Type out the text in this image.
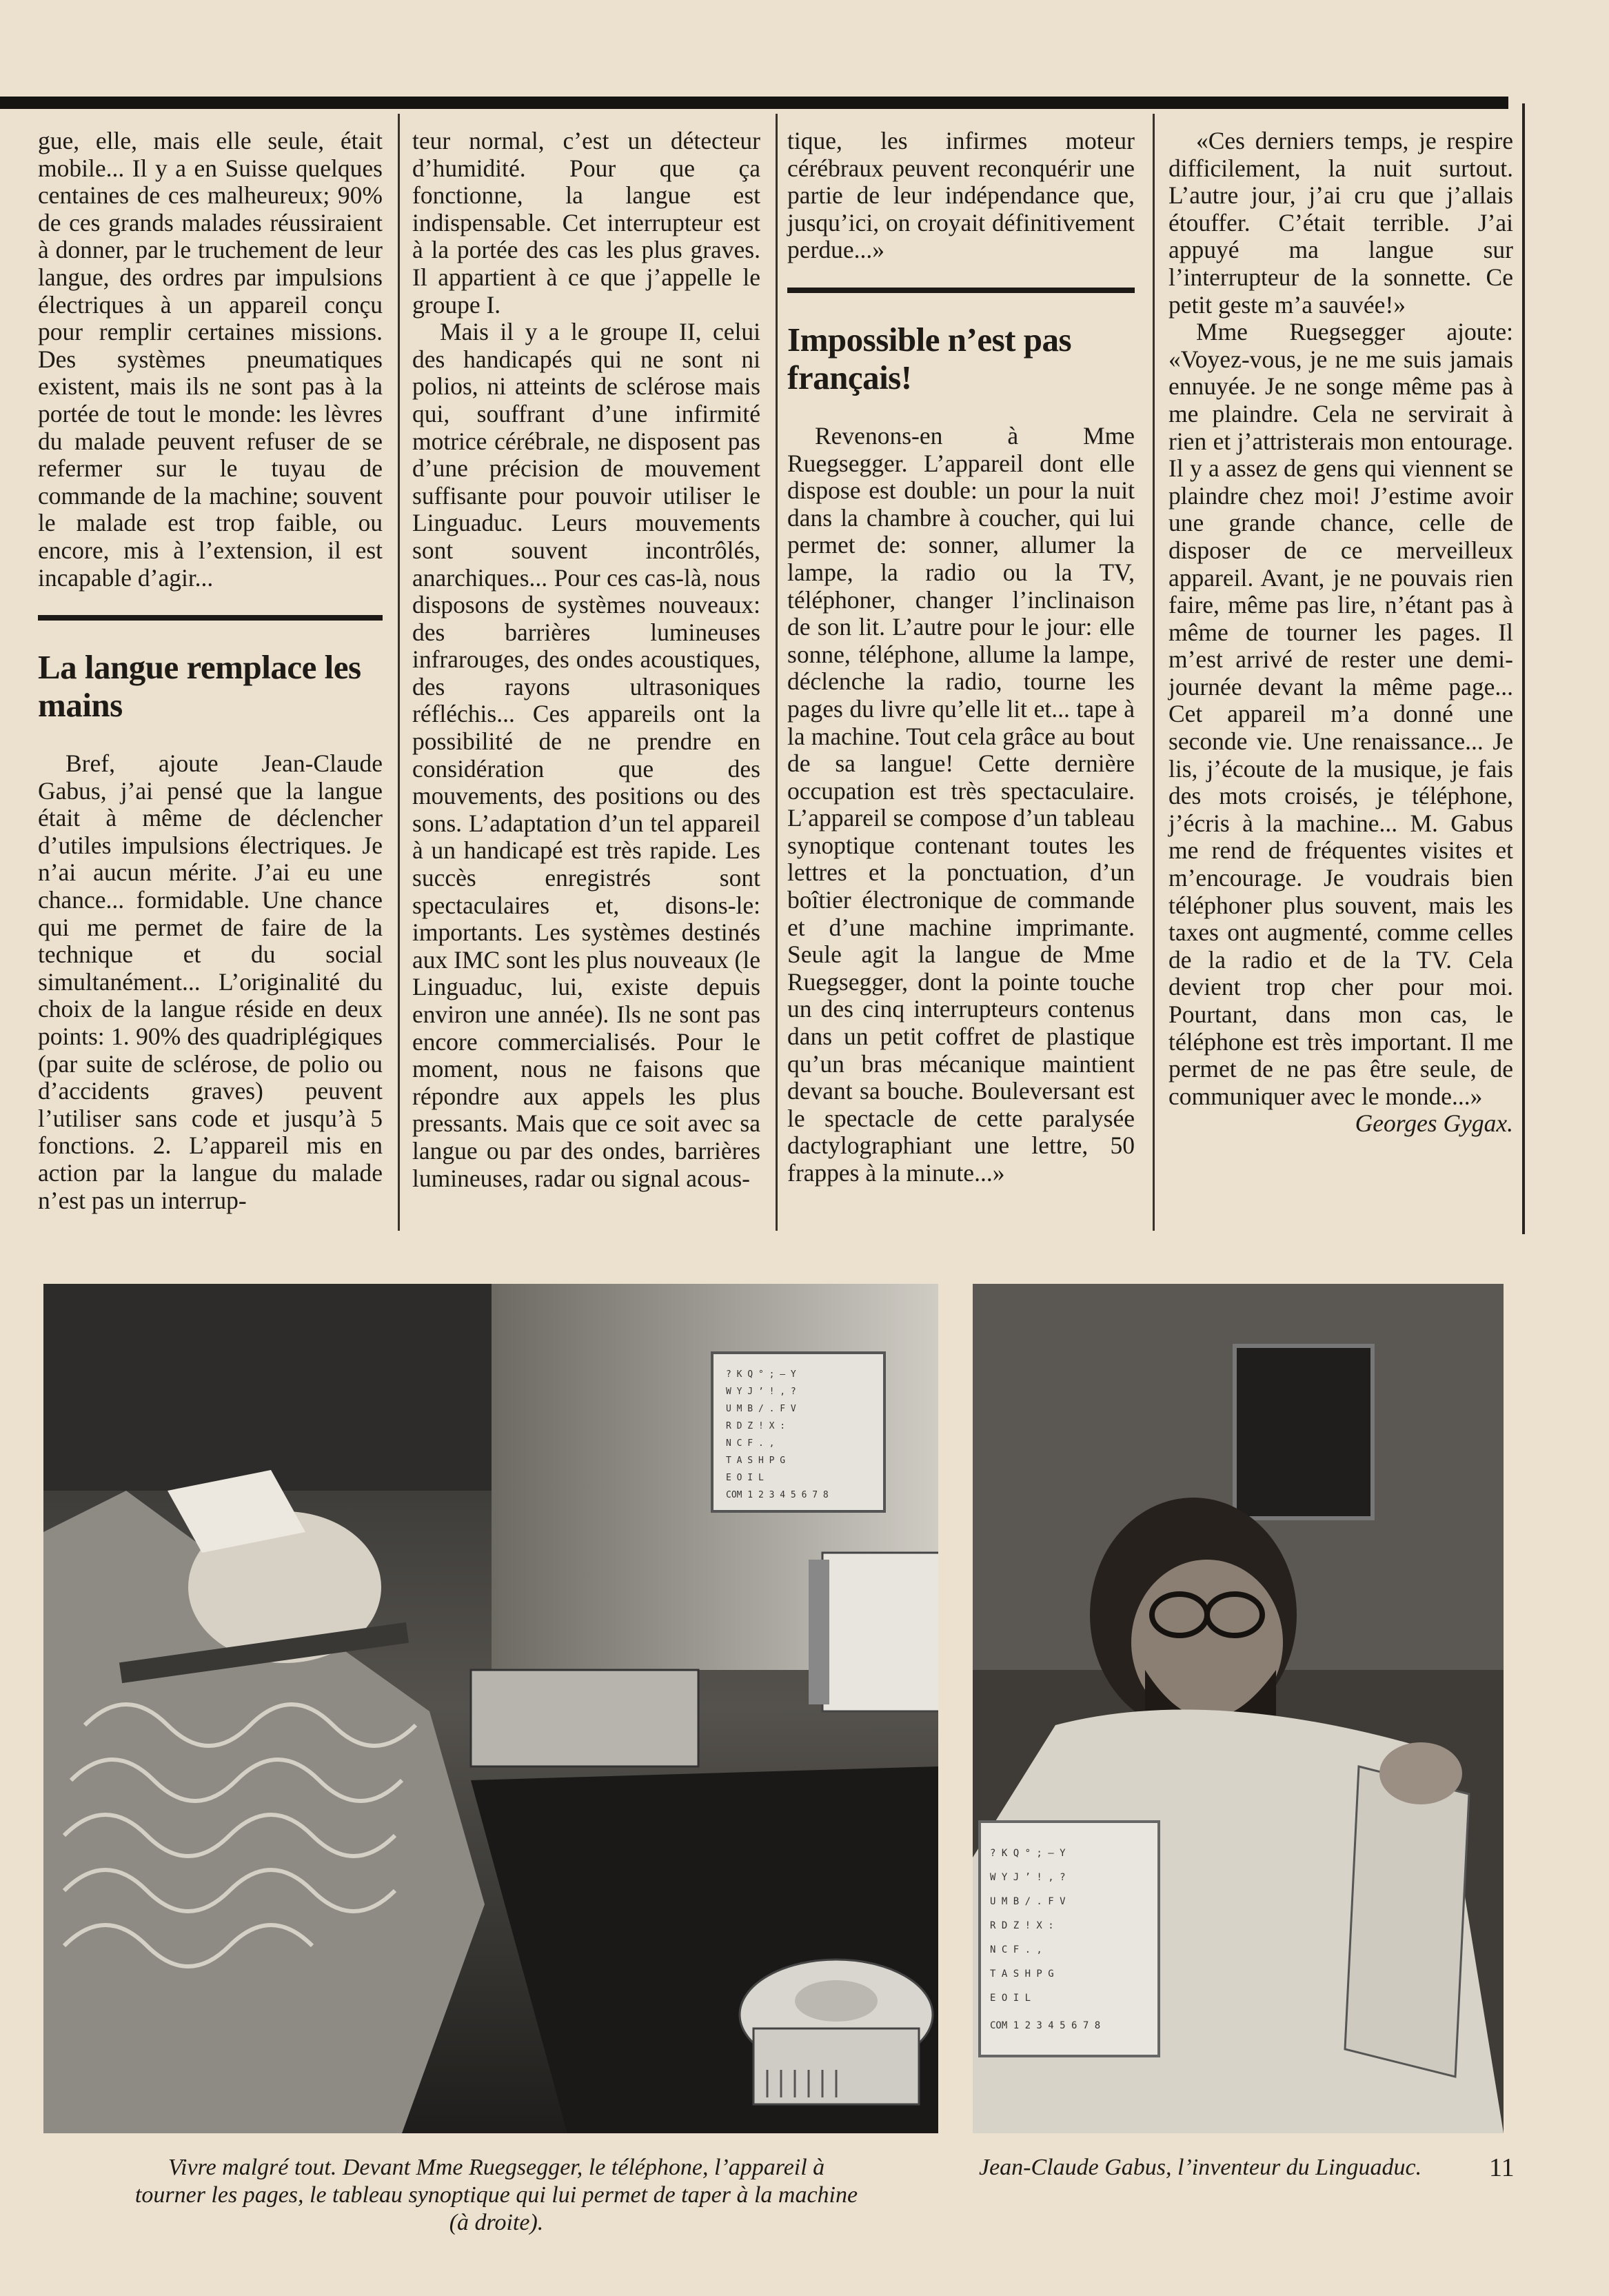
gue, elle, mais elle seule, était mobile... Il y a en Suisse quelques centaines de ces malheureux; 90% de ces grands malades réussiraient à donner, par le truchement de leur langue, des ordres par impulsions électriques à un appareil conçu pour remplir certaines missions. Des systèmes pneumatiques existent, mais ils ne sont pas à la portée de tout le monde: les lèvres du malade peuvent refuser de se refermer sur le tuyau de commande de la machine; souvent le malade est trop faible, ou encore, mis à l’extension, il est incapable d’agir...

La langue remplace les mains

Bref, ajoute Jean-Claude Gabus, j’ai pensé que la langue était à même de déclencher d’utiles impulsions électriques. Je n’ai aucun mérite. J’ai eu une chance... formidable. Une chance qui me permet de faire de la technique et du social simultanément... L’originalité du choix de la langue réside en deux points: 1. 90% des quadriplégiques (par suite de sclérose, de polio ou d’accidents graves) peuvent l’utiliser sans code et jusqu’à 5 fonctions. 2. L’appareil mis en action par la langue du malade n’est pas un interrup-

teur normal, c’est un détecteur d’humidité. Pour que ça fonctionne, la langue est indispensable. Cet interrupteur est à la portée des cas les plus graves. Il appartient à ce que j’appelle le groupe I.

Mais il y a le groupe II, celui des handicapés qui ne sont ni polios, ni atteints de sclérose mais qui, souffrant d’une infirmité motrice cérébrale, ne disposent pas d’une précision de mouvement suffisante pour pouvoir utiliser le Linguaduc. Leurs mouvements sont souvent incontrôlés, anarchiques... Pour ces cas-là, nous disposons de systèmes nouveaux: des barrières lumineuses infrarouges, des ondes acoustiques, des rayons ultrasoniques réfléchis... Ces appareils ont la possibilité de ne prendre en considération que des mouvements, des positions ou des sons. L’adaptation d’un tel appareil à un handicapé est très rapide. Les succès enregistrés sont spectaculaires et, disons-le: importants. Les systèmes destinés aux IMC sont les plus nouveaux (le Linguaduc, lui, existe depuis environ une année). Ils ne sont pas encore commercialisés. Pour le moment, nous ne faisons que répondre aux appels les plus pressants. Mais que ce soit avec sa langue ou par des ondes, barrières lumineuses, radar ou signal acous-

tique, les infirmes moteur cérébraux peuvent reconquérir une partie de leur indépendance que, jusqu’ici, on croyait définitivement perdue...»

Impossible n’est pas français!

Revenons-en à Mme Ruegsegger. L’appareil dont elle dispose est double: un pour la nuit dans la chambre à coucher, qui lui permet de: sonner, allumer la lampe, la radio ou la TV, téléphoner, changer l’inclinaison de son lit. L’autre pour le jour: elle sonne, téléphone, allume la lampe, déclenche la radio, tourne les pages du livre qu’elle lit et... tape à la machine. Tout cela grâce au bout de sa langue! Cette dernière occupation est très spectaculaire. L’appareil se compose d’un tableau synoptique contenant toutes les lettres et la ponctuation, d’un boîtier électronique de commande et d’une machine imprimante. Seule agit la langue de Mme Ruegsegger, dont la pointe touche un des cinq interrupteurs contenus dans un petit coffret de plastique qu’un bras mécanique maintient devant sa bouche. Bouleversant est le spectacle de cette paralysée dactylographiant une lettre, 50 frappes à la minute...»

«Ces derniers temps, je respire difficilement, la nuit surtout. L’autre jour, j’ai cru que j’allais étouffer. C’était terrible. J’ai appuyé ma langue sur l’interrupteur de la sonnette. Ce petit geste m’a sauvée!»

Mme Ruegsegger ajoute: «Voyez-vous, je ne me suis jamais ennuyée. Je ne songe même pas à me plaindre. Cela ne servirait à rien et j’attristerais mon entourage. Il y a assez de gens qui viennent se plaindre chez moi! J’estime avoir une grande chance, celle de disposer de ce merveilleux appareil. Avant, je ne pouvais rien faire, même pas lire, n’étant pas à même de tourner les pages. Il m’est arrivé de rester une demi-journée devant la même page... Cet appareil m’a donné une seconde vie. Une renaissance... Je lis, j’écoute de la musique, je fais des mots croisés, je téléphone, j’écris à la machine... M. Gabus me rend de fréquentes visites et m’encourage. Je voudrais bien téléphoner plus souvent, mais les taxes ont augmenté, comme celles de la radio et de la TV. Cela devient trop cher pour moi. Pourtant, dans mon cas, le téléphone est très important. Il me permet de ne pas être seule, de communiquer avec le monde...»

Georges Gygax.

? K Q ° ; – Y
W Y J ’ ! , ?
U M B / . F V
R D Z ! X :
N C F . ,
T A S H P G
E O I L
COM 1 2 3 4 5 6 7 8
? K Q ° ; – Y
W Y J ’ ! , ?
U M B / . F V
R D Z ! X :
N C F . ,
T A S H P G
E O I L
COM 1 2 3 4 5 6 7 8
Vivre malgré tout. Devant Mme Ruegsegger, le téléphone, l’appareil à tourner les pages, le tableau synoptique qui lui permet de taper à la machine (à droite).
Jean-Claude Gabus, l’inventeur du Linguaduc.	11
